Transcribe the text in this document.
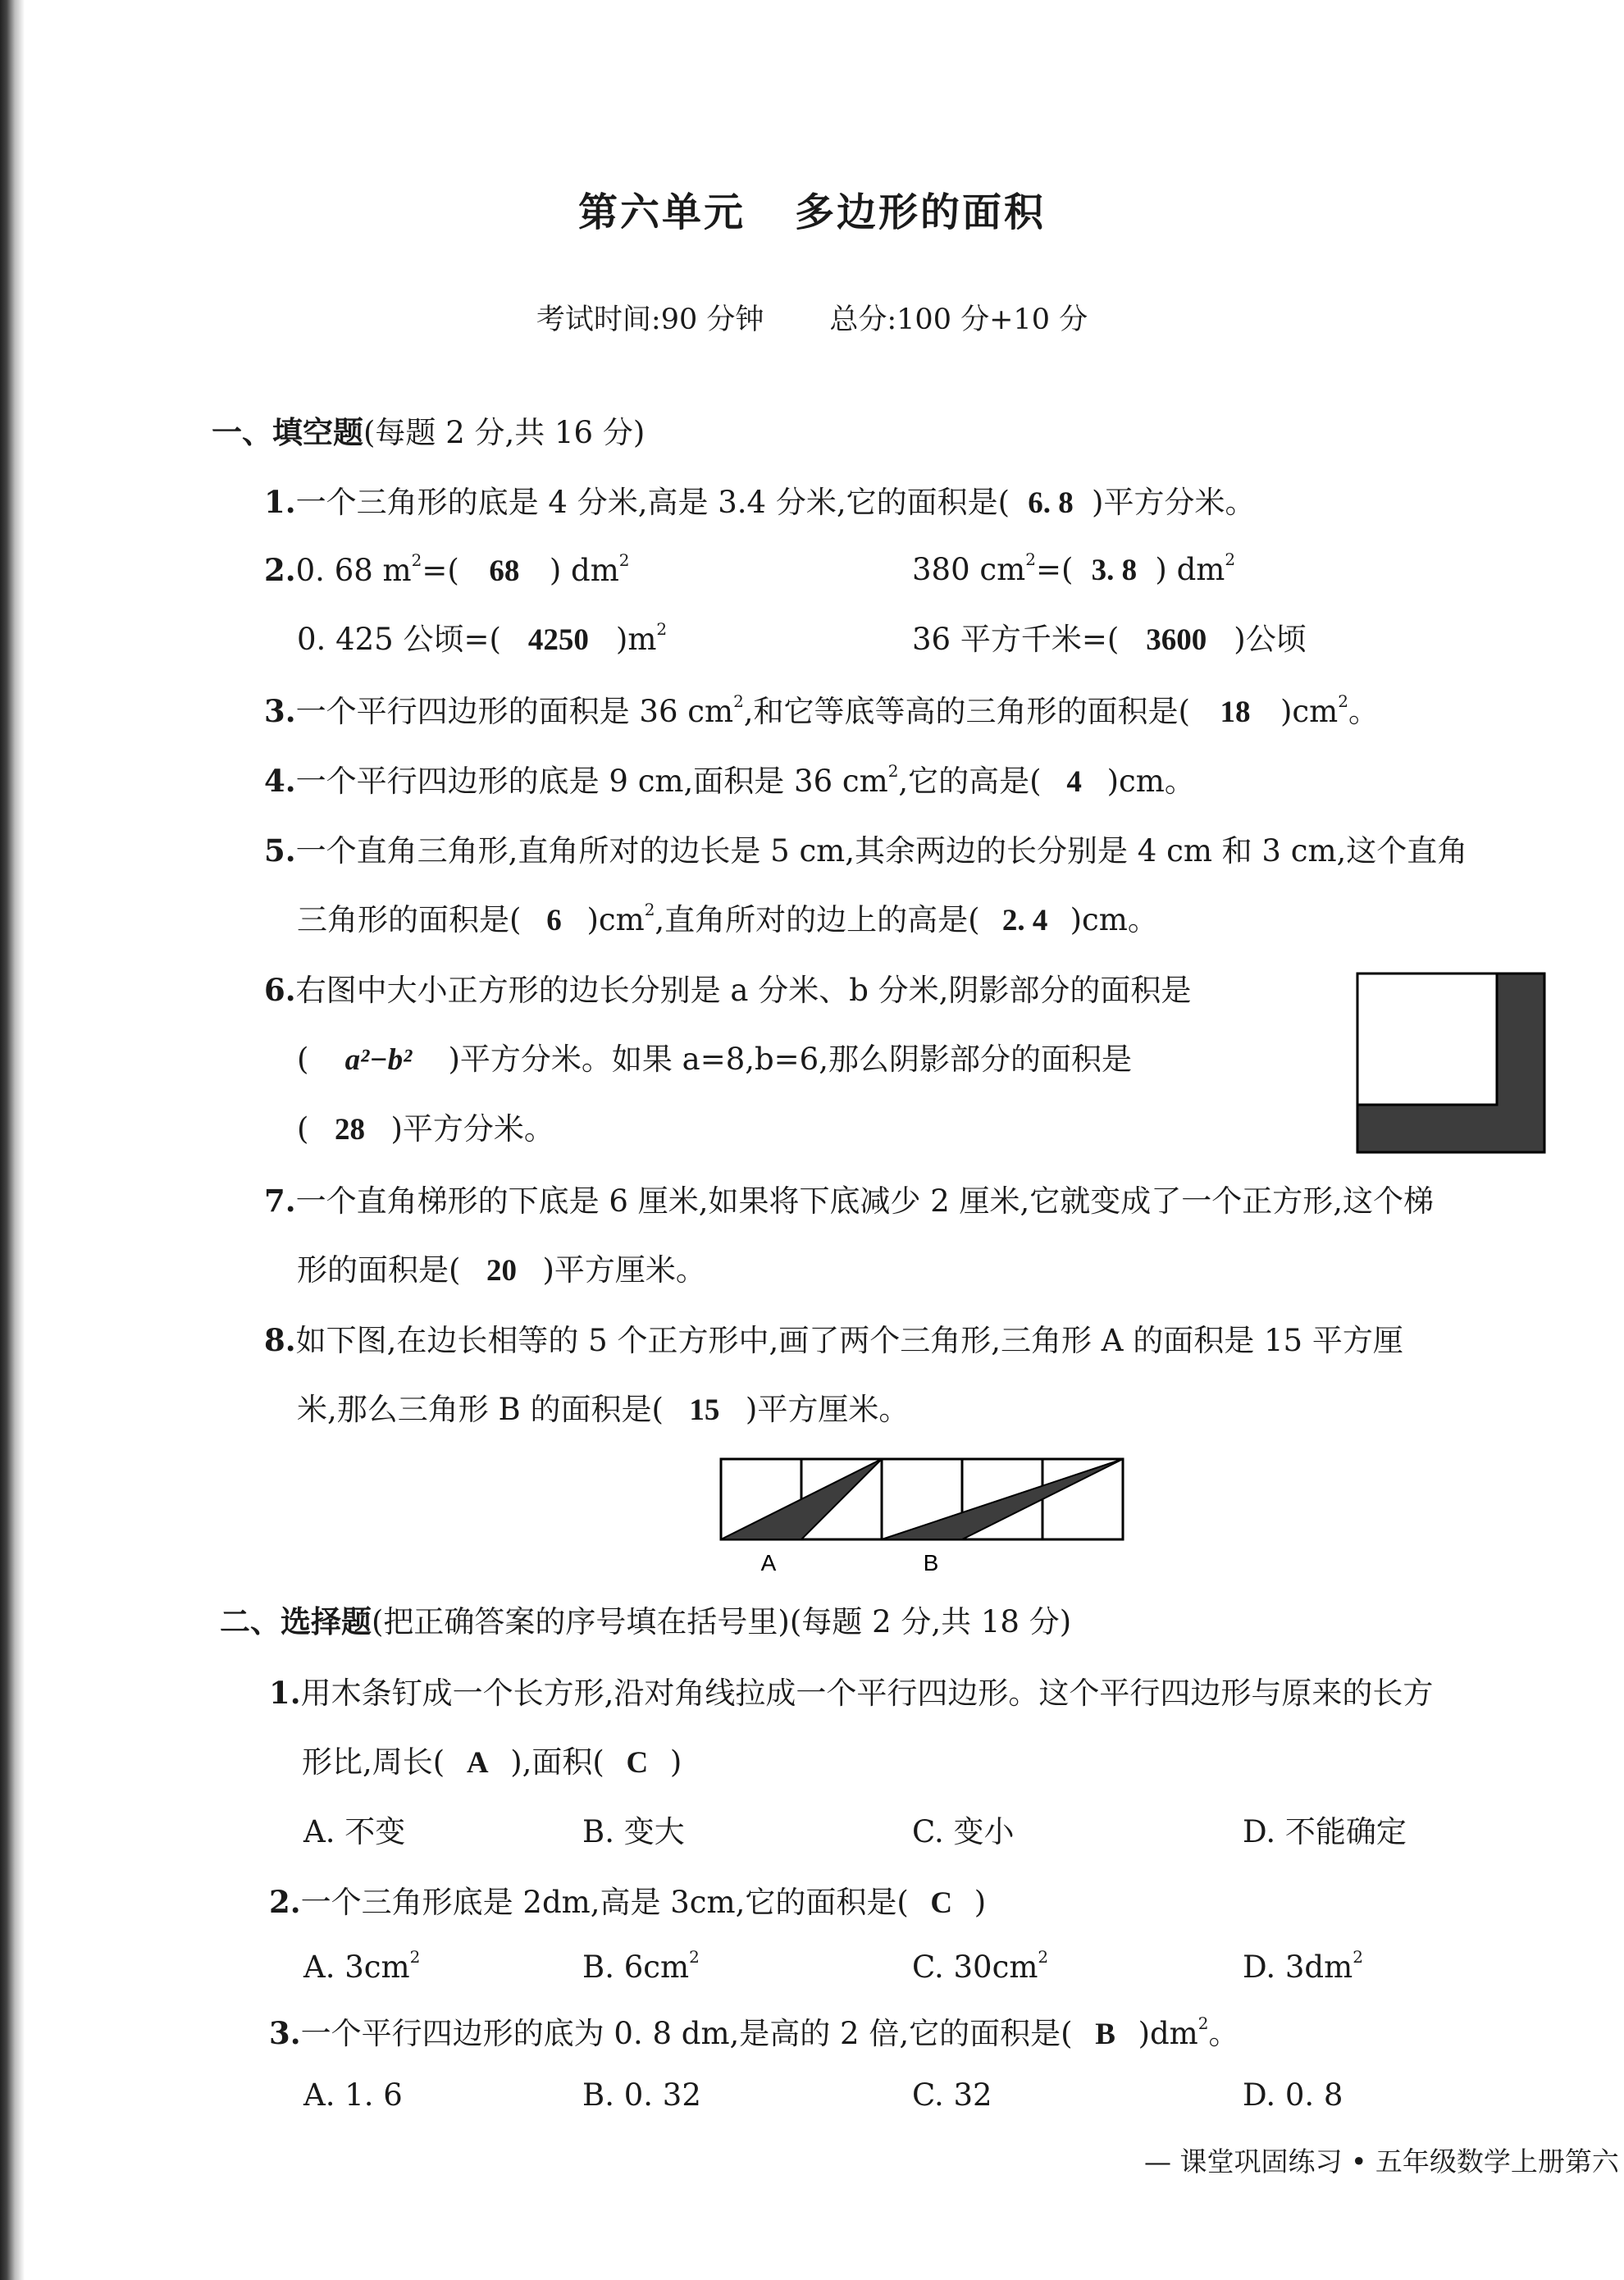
第六单元 多边形的面积
考试时间:90 分钟 总分:100 分+10 分
一、填空题(每题 2 分,共 16 分)
1.一个三角形的底是 4 分米,高是 3.4 分米,它的面积是( 6. 8 )平方分米。
2.0. 68 $m^2=$( 68 ) $dm^2$	380 $cm^2=$( 3. 8 ) $dm^2$
0. 425 公顷=( 4250 )$m^2$	36 平方千米=( 3600 )公顷
3.一个平行四边形的面积是 36 $cm^2$,和它等底等高的三角形的面积是( 18 )$cm^2$。
4.一个平行四边形的底是 9 cm,面积是 36 $cm^2$,它的高是( 4 )cm。
5.一个直角三角形,直角所对的边长是 5 cm,其余两边的长分别是 4 cm 和 3 cm,这个直角
三角形的面积是( 6 )$cm^2$,直角所对的边上的高是( 2. 4 )cm。
6.右图中大小正方形的边长分别是 a 分米、b 分米,阴影部分的面积是
( a²−b² )平方分米。如果 a=8,b=6,那么阴影部分的面积是
( 28 )平方分米。
7.一个直角梯形的下底是 6 厘米,如果将下底减少 2 厘米,它就变成了一个正方形,这个梯
形的面积是( 20 )平方厘米。
8.如下图,在边长相等的 5 个正方形中,画了两个三角形,三角形 A 的面积是 15 平方厘
米,那么三角形 B 的面积是( 15 )平方厘米。
A	B
二、选择题(把正确答案的序号填在括号里)(每题 2 分,共 18 分)
1.用木条钉成一个长方形,沿对角线拉成一个平行四边形。这个平行四边形与原来的长方
形比,周长( A ),面积( C )
A. 不变	B. 变大	C. 变小	D. 不能确定
2.一个三角形底是 2dm,高是 3cm,它的面积是( C )
A. $3cm^2$	B. $6cm^2$	C. $30cm^2$	D. $3dm^2$
3.一个平行四边形的底为 0. 8 dm,是高的 2 倍,它的面积是( B )$dm^2$。
A. 1. 6	B. 0. 32	C. 32	D. 0. 8
— 课堂巩固练习 • 五年级数学上册第六
